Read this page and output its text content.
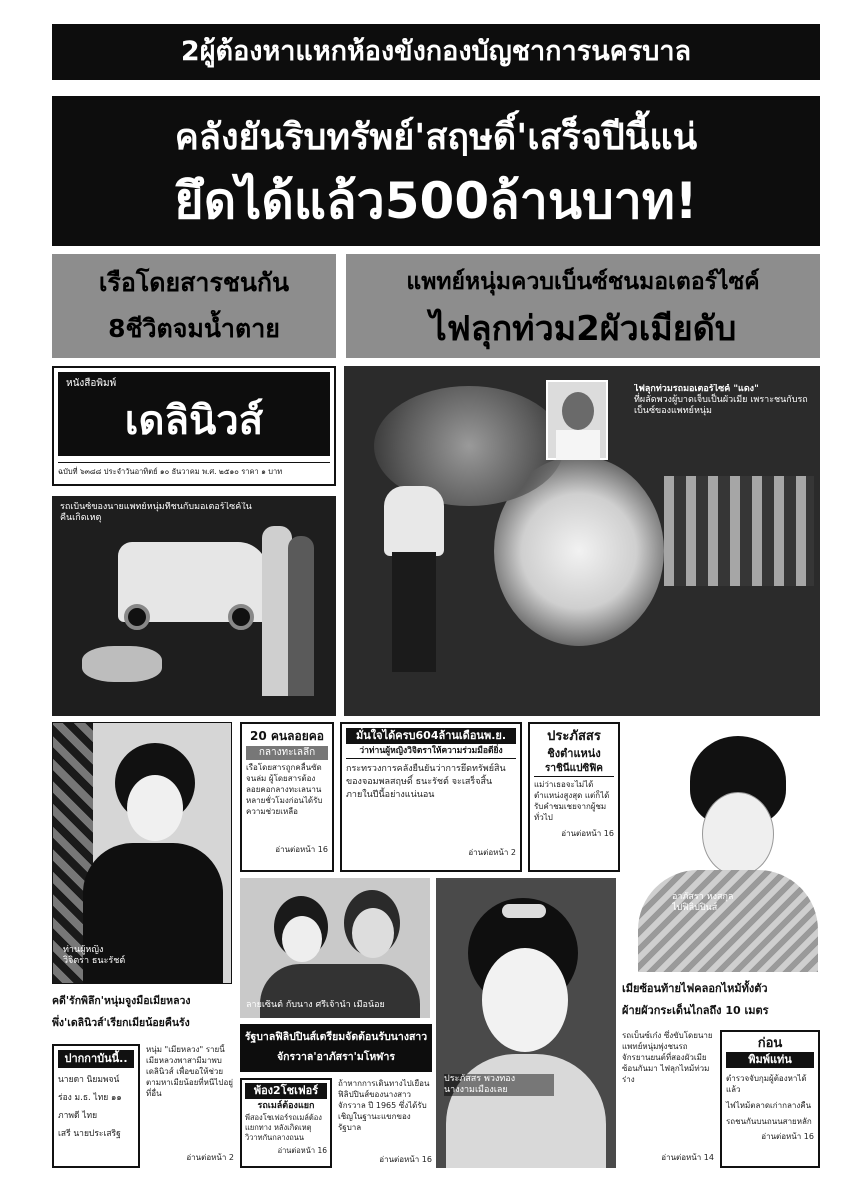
2ผู้ต้องหาแหกห้องขังกองบัญชาการนครบาล
คลังยันริบทรัพย์'สฤษดิ์'เสร็จปีนี้แน่
ยึดได้แล้ว500ล้านบาท!
เรือโดยสารชนกัน
8ชีวิตจมน้ำตาย
แพทย์หนุ่มควบเบ็นซ์ชนมอเตอร์ไซค์
ไฟลุกท่วม2ผัวเมียดับ
หนังสือพิมพ์
เดลินิวส์
ฉบับที่ ๖๓๘๘ ประจำวันอาทิตย์ ๑๐ ธันวาคม พ.ศ. ๒๕๑๐ ราคา ๑ บาท
ไฟลุกท่วมรถมอเตอร์ไซค์ "แดง"
ที่ผลัดพวงผู้บาดเจ็บเป็นผัวเมีย เพราะชนกับรถเบ็นซ์ของแพทย์หนุ่ม
รถเบ็นซ์ของนายแพทย์หนุ่มที่ชนกับมอเตอร์ไซค์ในคืนเกิดเหตุ
ท่านผู้หญิง
วิจิตรา ธนะรัชต์
20 คนลอยคอ
กลางทะเลลึก
เรือโดยสารถูกคลื่นซัดจนล่ม ผู้โดยสารต้องลอยคอกลางทะเลนานหลายชั่วโมงก่อนได้รับความช่วยเหลือ
อ่านต่อหน้า 16
มั่นใจได้ครบ604ล้านเดือนพ.ย.
ว่าท่านผู้หญิงวิจิตราให้ความร่วมมือดียิ่ง
กระทรวงการคลังยืนยันว่าการยึดทรัพย์สินของจอมพลสฤษดิ์ ธนะรัชต์ จะเสร็จสิ้นภายในปีนี้อย่างแน่นอน
อ่านต่อหน้า 2
ประภัสสร
ชิงตำแหน่ง
ราชินีแปซิฟิค
แม่ว่าเธอจะไม่ได้ตำแหน่งสูงสุด แต่ก็ได้รับคำชมเชยจากผู้ชมทั่วไป
อ่านต่อหน้า 16
อาภัสรา หงสกุล
ไปฟิลิปปินส์
ลายเซ็นต์ กับนาง ศรีเจ้าน้ำ เมื่อน้อย
ประภัสสร พวงทอง
นางงามเมืองเลย
คดี'รักพิลึก'หนุ่มจูงมือเมียหลวง
พึ่ง'เดลินิวส์'เรียกเมียน้อยคืนรัง
รัฐบาลฟิลิปปินส์เตรียมจัดต้อนรับนางสาวจักรวาล'อาภัสรา'มโหฬาร
ปากกาบันนี้..
นายดา นิยมพจน์
ร่อง ม.ธ. ไทย ๑๑
ภาพดี ไทย
เสรี นายประเสริฐ
หนุ่ม "เมียหลวง" รายนี้ เมียหลวงพาสามีมาพบเดลินิวส์ เพื่อขอให้ช่วยตามหาเมียน้อยที่หนีไปอยู่ที่อื่น
อ่านต่อหน้า 2
พ้อง2โชเฟอร์
รถเมล์ต้องแยก
พี่สองโชเฟอร์รถเมล์ต้องแยกทาง หลังเกิดเหตุวิวาทกันกลางถนน
อ่านต่อหน้า 16
ถ้าหากการเดินทางไปเยือนฟิลิปปินส์ของนางสาวจักรวาล ปี 1965 ซึ่งได้รับเชิญในฐานะแขกของรัฐบาล
อ่านต่อหน้า 16
เมียซ้อนท้ายไฟคลอกไหม้ทั้งตัว
ผ้ายผัวกระเด็นไกลถึง 10 เมตร
รถเบ็นซ์เก๋ง ซึ่งขับโดยนายแพทย์หนุ่มพุ่งชนรถจักรยานยนต์ที่สองผัวเมียซ้อนกันมา ไฟลุกไหม้ท่วมร่าง
อ่านต่อหน้า 14
ก่อน
พิมพ์แท่น
ตำรวจจับกุมผู้ต้องหาได้แล้ว
ไฟไหม้ตลาดเก่ากลางคืน
รถชนกันบนถนนสายหลัก
อ่านต่อหน้า 16
